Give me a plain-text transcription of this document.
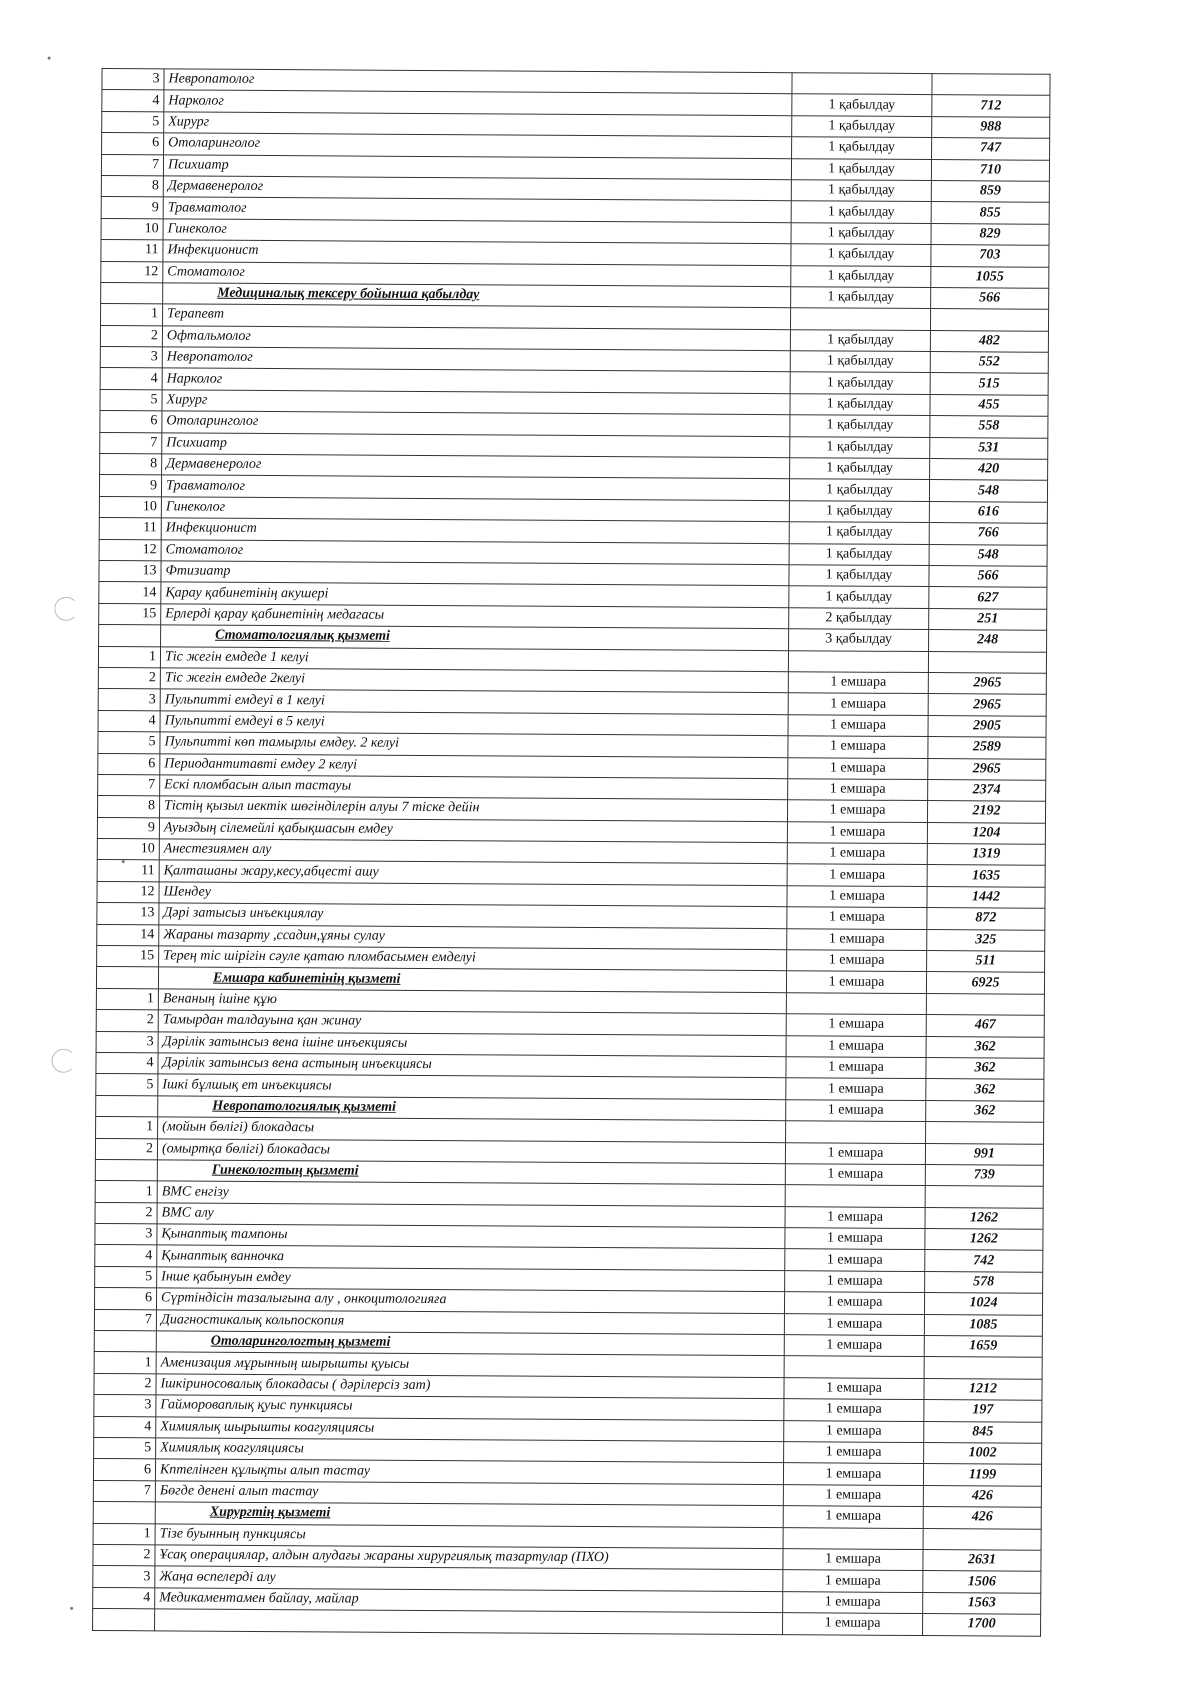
3	Невропатолог		
4	Нарколог	1 қабылдау	712
5	Хирург	1 қабылдау	988
6	Отоларинголог	1 қабылдау	747
7	Психиатр	1 қабылдау	710
8	Дермавенеролог	1 қабылдау	859
9	Травматолог	1 қабылдау	855
10	Гинеколог	1 қабылдау	829
11	Инфекционист	1 қабылдау	703
12	Стоматолог	1 қабылдау	1055
	Медициналық тексеру бойынша қабылдау	1 қабылдау	566
1	Терапевт		
2	Офтальмолог	1 қабылдау	482
3	Невропатолог	1 қабылдау	552
4	Нарколог	1 қабылдау	515
5	Хирург	1 қабылдау	455
6	Отоларинголог	1 қабылдау	558
7	Психиатр	1 қабылдау	531
8	Дермавенеролог	1 қабылдау	420
9	Травматолог	1 қабылдау	548
10	Гинеколог	1 қабылдау	616
11	Инфекционист	1 қабылдау	766
12	Стоматолог	1 қабылдау	548
13	Фтизиатр	1 қабылдау	566
14	Қарау қабинетінің акушері	1 қабылдау	627
15	Ерлерді қарау қабинетінің медагасы	2 қабылдау	251
	Стоматологиялық қызметі	3 қабылдау	248
1	Тіс жегін емдеде 1 келуі		
2	Тіс жегін емдеде 2келуі	1 емшара	2965
3	Пульпитті емдеуі в 1 келуі	1 емшара	2965
4	Пульпитті емдеуі в 5 келуі	1 емшара	2905
5	Пульпитті көп тамырлы емдеу. 2 келуі	1 емшара	2589
6	Периодантитавті емдеу 2 келуі	1 емшара	2965
7	Ескі пломбасын алып тастауы	1 емшара	2374
8	Тістің қызыл иектік шөгінділерін алуы 7 тіске дейін	1 емшара	2192
9	Ауыздың сілемейлі қабықшасын емдеу	1 емшара	1204
10	Анестезиямен алу	1 емшара	1319
11	Қалташаны жару,кесу,абцесті ашу	1 емшара	1635
12	Шендеу	1 емшара	1442
13	Дәрі затысыз инъекциялау	1 емшара	872
14	Жараны тазарту ,ссадин,ұяны сулау	1 емшара	325
15	Терең тіс шірігін сәуле қатаю пломбасымен емделуі	1 емшара	511
	Емшара кабинетінің қызметі	1 емшара	6925
1	Венаның ішіне құю		
2	Тамырдан талдауына қан жинау	1 емшара	467
3	Дәрілік затынсыз вена ішіне инъекциясы	1 емшара	362
4	Дәрілік затынсыз вена астының инъекциясы	1 емшара	362
5	Ішкі бұлшық ет инъекциясы	1 емшара	362
	Невропатологиялық қызметі	1 емшара	362
1	(мойын бөлігі) блокадасы		
2	(омыртқа бөлігі) блокадасы	1 емшара	991
	Гинекологтың қызметі	1 емшара	739
1	ВМС енгізу		
2	ВМС алу	1 емшара	1262
3	Қынаптық тампоны	1 емшара	1262
4	Қынаптық ванночка	1 емшара	742
5	Інше қабынуын емдеу	1 емшара	578
6	Сүртіндісін тазалығына алу , онкоцитологияға	1 емшара	1024
7	Диагностикалық кольпоскопия	1 емшара	1085
	Отоларингологтың қызметі	1 емшара	1659
1	Аменизация мұрынның шырышты қуысы		
2	Ішкіриносовалық блокадасы ( дәрілерсіз зат)	1 емшара	1212
3	Гаймороваплық қуыс пункциясы	1 емшара	197
4	Химиялық шырышты коагуляциясы	1 емшара	845
5	Химиялық коагуляциясы	1 емшара	1002
6	Кптелінген құлықты алып тастау	1 емшара	1199
7	Бөгде денені алып тастау	1 емшара	426
	Хирургтің қызметі	1 емшара	426
1	Тізе буынның пункциясы		
2	Ұсақ операциялар, алдын алудағы жараны хирургиялық тазартулар (ПХО)	1 емшара	2631
3	Жаңа өспелерді алу	1 емшара	1506
4	Медикаментамен байлау, майлар	1 емшара	1563
		1 емшара	1700
